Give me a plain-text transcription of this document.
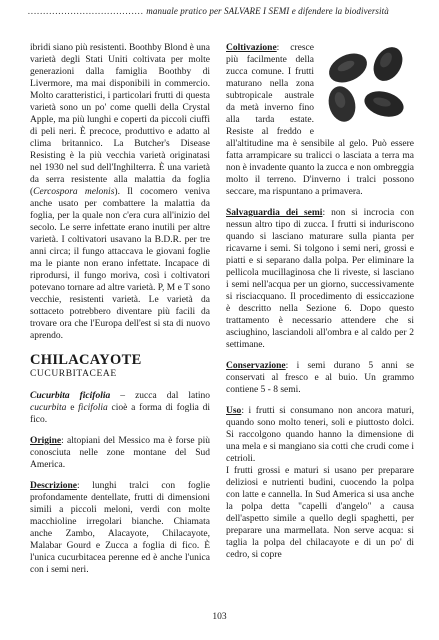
...................................... manuale pratico per SALVARE I SEMI e difendere la biodiversità

ibridi siano più resistenti. Boothby Blond è una varietà degli Stati Uniti coltivata per molte generazioni dalla famiglia Boothby di Livermore, ma mai disponibili in commercio. Molto caratteristici, i particolari frutti di questa varietà sono un po' come quelli della Crystal Apple, ma più lunghi e coperti da piccoli ciuffi di peli neri. È precoce, produttivo e adatto al clima britannico. La Butcher's Disease Resisting è la più vecchia varietà originatasi nel 1930 nel sud dell'Inghilterra. È una varietà da serra resistente alla malattia da foglia (Cercospora melonis). Il cocomero veniva anche usato per combattere la malattia da foglia, per la quale non c'era cura all'inizio del secolo. Le serre infettate erano inutili per altre varietà. I coltivatori usavano la B.D.R. per tre anni circa; il fungo attaccava le giovani foglie ma le piante non erano infettate. Incapace di riprodursi, il fungo moriva, così i coltivatori potevano tornare ad altre varietà. P, M e T sono vecchie, resistenti varietà. Le varietà da sottaceto potrebbero diventare più facili da trovare ora che l'Europa dell'est si sta di nuovo aprendo.

CHILACAYOTE
CUCURBITACEAE

Cucurbita ficifolia – zucca dal latino cucurbita e ficifolia cioè a forma di foglia di fico.

Origine: altopiani del Messico ma è forse più conosciuta nelle zone montane del Sud America.

Descrizione: lunghi tralci con foglie profondamente dentellate, frutti di dimensioni simili a piccoli meloni, verdi con molte macchioline irregolari bianche. Chiamata anche Zambo, Alacayote, Chilacayote, Malabar Gourd e Zucca a foglia di fico. È l'unica cucurbitacea perenne ed è anche l'unica con i semi neri.

Coltivazione: cresce più facilmente della zucca comune. I frutti maturano nella zona subtropicale australe da metà inverno fino alla tarda estate. Resiste al freddo e all'altitudine ma è sensibile al gelo. Può essere fatta arrampicare su tralicci o lasciata a terra ma non è invadente quanto la zucca e non ombreggia molto il terreno. D'inverno i tralci possono seccare, ma rispuntano a primavera.

Salvaguardia dei semi: non si incrocia con nessun altro tipo di zucca. I frutti si induriscono quando si lasciano maturare sulla pianta per ricavarne i semi. Si tolgono i semi neri, grossi e piatti e si separano dalla polpa. Per eliminare la pellicola mucillaginosa che li riveste, si lasciano i semi nell'acqua per un giorno, successivamente si risciacquano. Il procedimento di essiccazione è descritto nella Sezione 6. Dopo questo trattamento è necessario attendere che si asciughino, lasciandoli all'ombra e al caldo per 2 settimane.

Conservazione: i semi durano 5 anni se conservati al fresco e al buio. Un grammo contiene 5 - 8 semi.

Uso: i frutti si consumano non ancora maturi, quando sono molto teneri, soli e piuttosto dolci. Si raccolgono quando hanno la dimensione di una mela e si mangiano sia cotti che crudi come i cetrioli.

I frutti grossi e maturi si usano per preparare deliziosi e nutrienti budini, cuocendo la polpa con latte e cannella. In Sud America si usa anche la polpa detta "capelli d'angelo" a causa dell'aspetto simile a quello degli spaghetti, per preparare una marmellata. Non serve acqua: si taglia la polpa del chilacayote e di un po' di cedro, si copre

103
